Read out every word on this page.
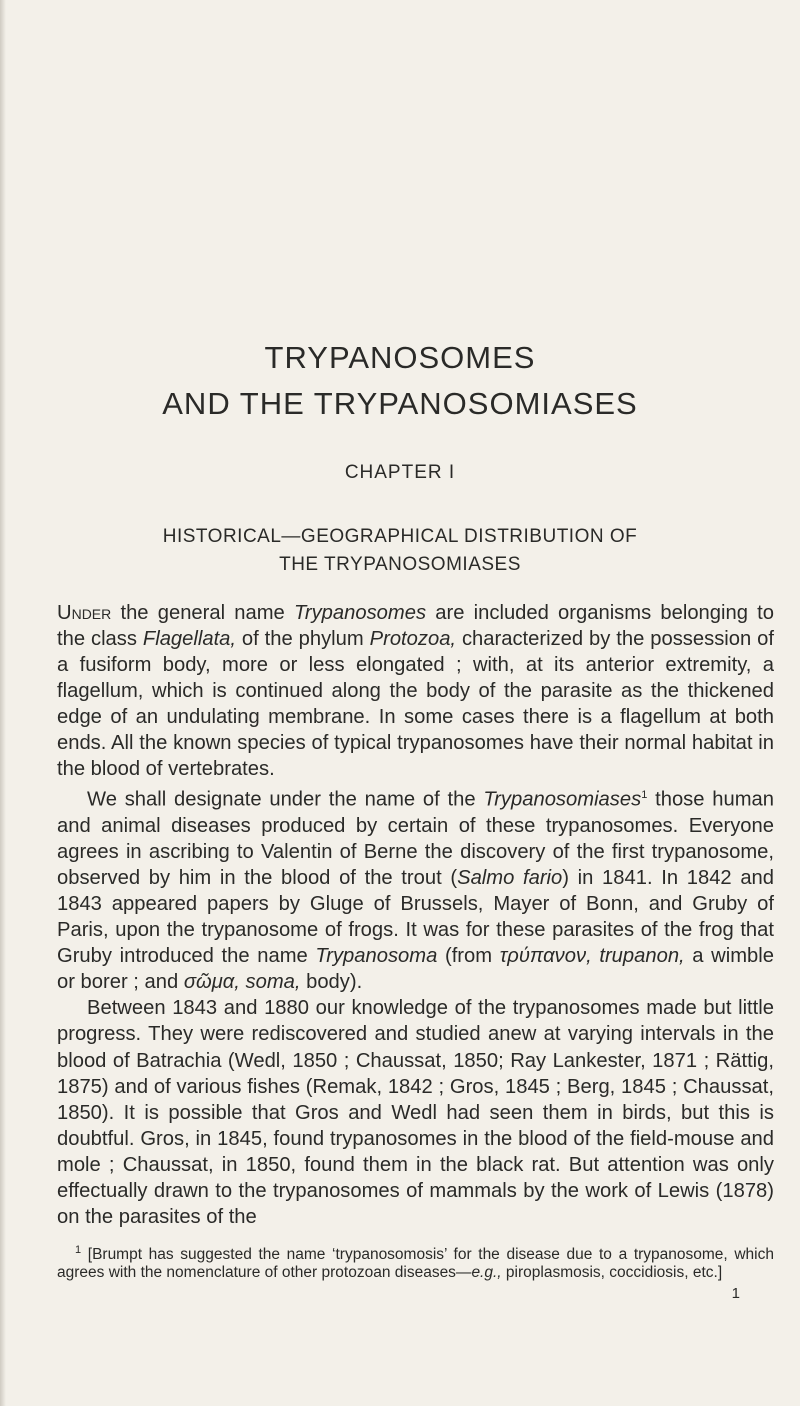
TRYPANOSOMES
AND THE TRYPANOSOMIASES
CHAPTER I
HISTORICAL—GEOGRAPHICAL DISTRIBUTION OF
THE TRYPANOSOMIASES

Under the general name Trypanosomes are included organisms belonging to the class Flagellata, of the phylum Protozoa, characterized by the possession of a fusiform body, more or less elongated ; with, at its anterior extremity, a flagellum, which is continued along the body of the parasite as the thickened edge of an undulating membrane. In some cases there is a flagellum at both ends. All the known species of typical trypanosomes have their normal habitat in the blood of vertebrates.

We shall designate under the name of the Trypanosomiases$^1$ those human and animal diseases produced by certain of these trypanosomes. Everyone agrees in ascribing to Valentin of Berne the discovery of the first trypanosome, observed by him in the blood of the trout (Salmo fario) in 1841. In 1842 and 1843 appeared papers by Gluge of Brussels, Mayer of Bonn, and Gruby of Paris, upon the trypanosome of frogs. It was for these parasites of the frog that Gruby introduced the name Trypanosoma (from τρύπανον, trupanon, a wimble or borer ; and σῶμα, soma, body).

Between 1843 and 1880 our knowledge of the trypanosomes made but little progress. They were rediscovered and studied anew at varying intervals in the blood of Batrachia (Wedl, 1850 ; Chaussat, 1850; Ray Lankester, 1871 ; Rättig, 1875) and of various fishes (Remak, 1842 ; Gros, 1845 ; Berg, 1845 ; Chaussat, 1850). It is possible that Gros and Wedl had seen them in birds, but this is doubtful. Gros, in 1845, found trypanosomes in the blood of the field-mouse and mole ; Chaussat, in 1850, found them in the black rat. But attention was only effectually drawn to the trypanosomes of mammals by the work of Lewis (1878) on the parasites of the

$^1$ [Brumpt has suggested the name ‘trypanosomosis’ for the disease due to a trypanosome, which agrees with the nomenclature of other protozoan diseases—e.g., piroplasmosis, coccidiosis, etc.]

1
